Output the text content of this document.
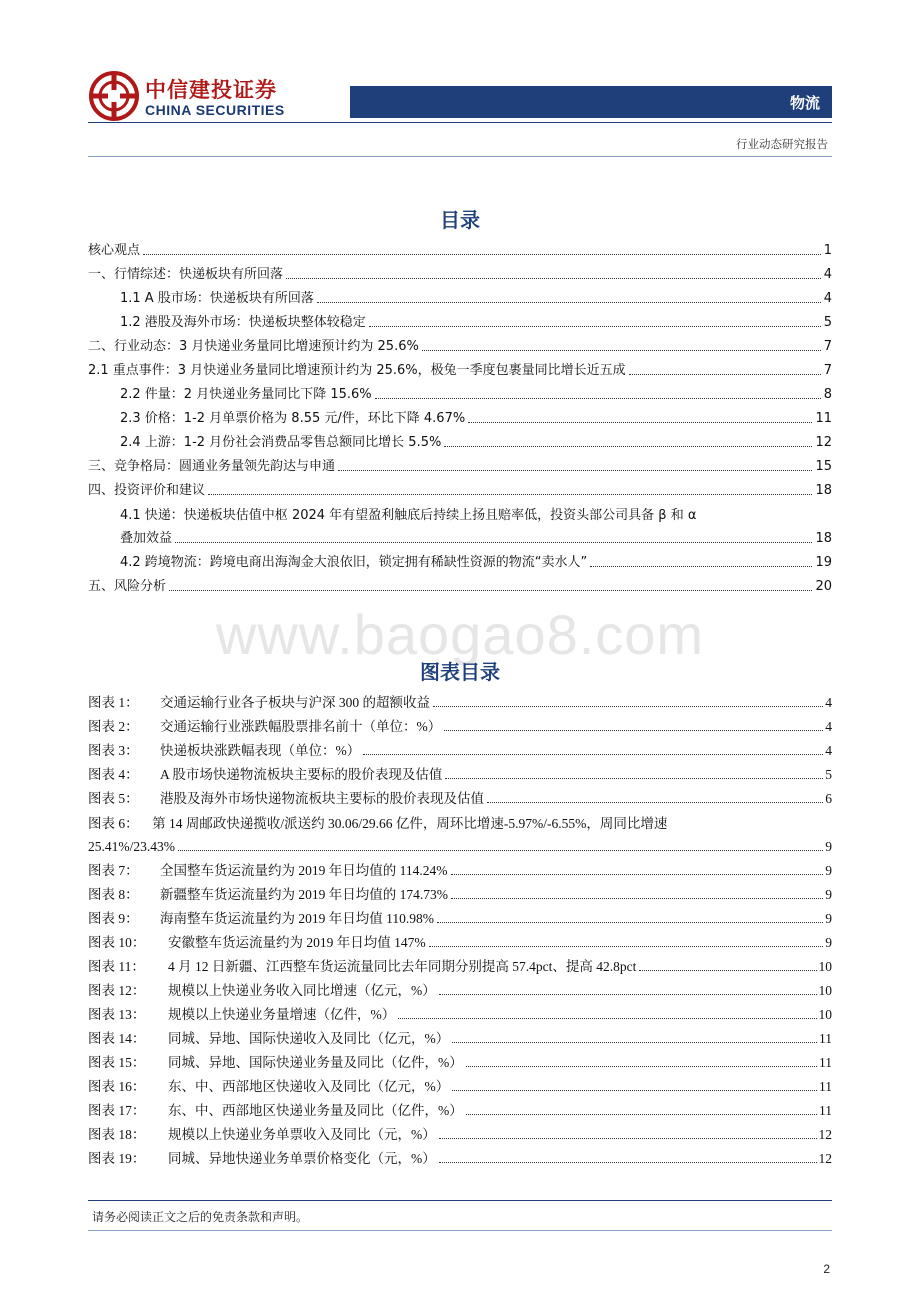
中信建投证券
CHINA SECURITIES	物流
行业动态研究报告
目录
核心观点	1
一、行情综述：快递板块有所回落	4
1.1 A 股市场：快递板块有所回落	4
1.2 港股及海外市场：快递板块整体较稳定	5
二、行业动态：3 月快递业务量同比增速预计约为 25.6%	7
2.1 重点事件：3 月快递业务量同比增速预计约为 25.6%，极兔一季度包裹量同比增长近五成	7
2.2 件量：2 月快递业务量同比下降 15.6%	8
2.3 价格：1-2 月单票价格为 8.55 元/件，环比下降 4.67%	11
2.4 上游：1-2 月份社会消费品零售总额同比增长 5.5%	12
三、竞争格局：圆通业务量领先韵达与申通	15
四、投资评价和建议	18
4.1 快递：快递板块估值中枢 2024 年有望盈利触底后持续上扬且赔率低，投资头部公司具备 β 和 α
叠加效益	18
4.2 跨境物流：跨境电商出海淘金大浪依旧，锁定拥有稀缺性资源的物流“卖水人”	19
五、风险分析	20
www.baogao8.com
图表目录
图表 1：	交通运输行业各子板块与沪深 300 的超额收益	4
图表 2：	交通运输行业涨跌幅股票排名前十（单位：%）	4
图表 3：	快递板块涨跌幅表现（单位：%）	4
图表 4：	A 股市场快递物流板块主要标的股价表现及估值	5
图表 5：	港股及海外市场快递物流板块主要标的股价表现及估值	6
图表 6：    第 14 周邮政快递揽收/派送约 30.06/29.66 亿件，周环比增速-5.97%/-6.55%，周同比增速
25.41%/23.43%	9
图表 7：	全国整车货运流量约为 2019 年日均值的 114.24%	9
图表 8：	新疆整车货运流量约为 2019 年日均值的 174.73%	9
图表 9：	海南整车货运流量约为 2019 年日均值 110.98%	9
图表 10：	安徽整车货运流量约为 2019 年日均值 147%	9
图表 11：	4 月 12 日新疆、江西整车货运流量同比去年同期分别提高 57.4pct、提高 42.8pct	10
图表 12：	规模以上快递业务收入同比增速（亿元，%）	10
图表 13：	规模以上快递业务量增速（亿件，%）	10
图表 14：	同城、异地、国际快递收入及同比（亿元，%）	11
图表 15：	同城、异地、国际快递业务量及同比（亿件，%）	11
图表 16：	东、中、西部地区快递收入及同比（亿元，%）	11
图表 17：	东、中、西部地区快递业务量及同比（亿件，%）	11
图表 18：	规模以上快递业务单票收入及同比（元，%）	12
图表 19：	同城、异地快递业务单票价格变化（元，%）	12
请务必阅读正文之后的免责条款和声明。
2
